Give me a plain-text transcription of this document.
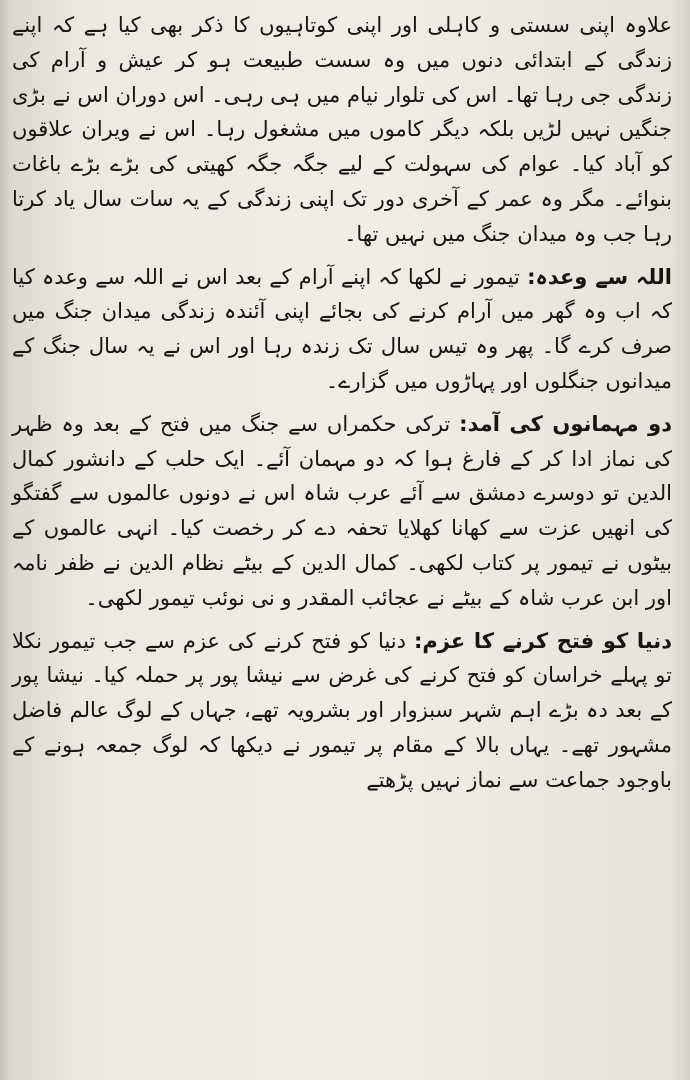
علاوہ اپنی سستی و کاہلی اور اپنی کوتاہیوں کا ذکر بھی کیا ہے کہ اپنے زندگی کے ابتدائی دنوں میں وہ سست طبیعت ہو کر عیش و آرام کی زندگی جی رہا تھا۔ اس کی تلوار نیام میں ہی رہی۔ اس دوران اس نے بڑی جنگیں نہیں لڑیں بلکہ دیگر کاموں میں مشغول رہا۔ اس نے ویران علاقوں کو آباد کیا۔ عوام کی سہولت کے لیے جگہ جگہ کھیتی کی بڑے بڑے باغات بنوائے۔ مگر وہ عمر کے آخری دور تک اپنی زندگی کے یہ سات سال یاد کرتا رہا جب وہ میدان جنگ میں نہیں تھا۔

اللہ سے وعدہ: تیمور نے لکھا کہ اپنے آرام کے بعد اس نے اللہ سے وعدہ کیا کہ اب وہ گھر میں آرام کرنے کی بجائے اپنی آئندہ زندگی میدان جنگ میں صرف کرے گا۔ پھر وہ تیس سال تک زندہ رہا اور اس نے یہ سال جنگ کے میدانوں جنگلوں اور پہاڑوں میں گزارے۔

دو مہمانوں کی آمد: ترکی حکمراں سے جنگ میں فتح کے بعد وہ ظہر کی نماز ادا کر کے فارغ ہوا کہ دو مہمان آئے۔ ایک حلب کے دانشور کمال الدین تو دوسرے دمشق سے آئے عرب شاہ اس نے دونوں عالموں سے گفتگو کی انھیں عزت سے کھانا کھلایا تحفہ دے کر رخصت کیا۔ انہی عالموں کے بیٹوں نے تیمور پر کتاب لکھی۔ کمال الدین کے بیٹے نظام الدین نے ظفر نامہ اور ابن عرب شاہ کے بیٹے نے عجائب المقدر و نی نوئب تیمور لکھی۔

دنیا کو فتح کرنے کا عزم: دنیا کو فتح کرنے کی عزم سے جب تیمور نکلا تو پہلے خراسان کو فتح کرنے کی غرض سے نیشا پور پر حملہ کیا۔ نیشا پور کے بعد دہ بڑے اہم شہر سبزوار اور بشرویہ تھے، جہاں کے لوگ عالم فاضل مشہور تھے۔ یہاں بالا کے مقام پر تیمور نے دیکھا کہ لوگ جمعہ ہونے کے باوجود جماعت سے نماز نہیں پڑھتے
